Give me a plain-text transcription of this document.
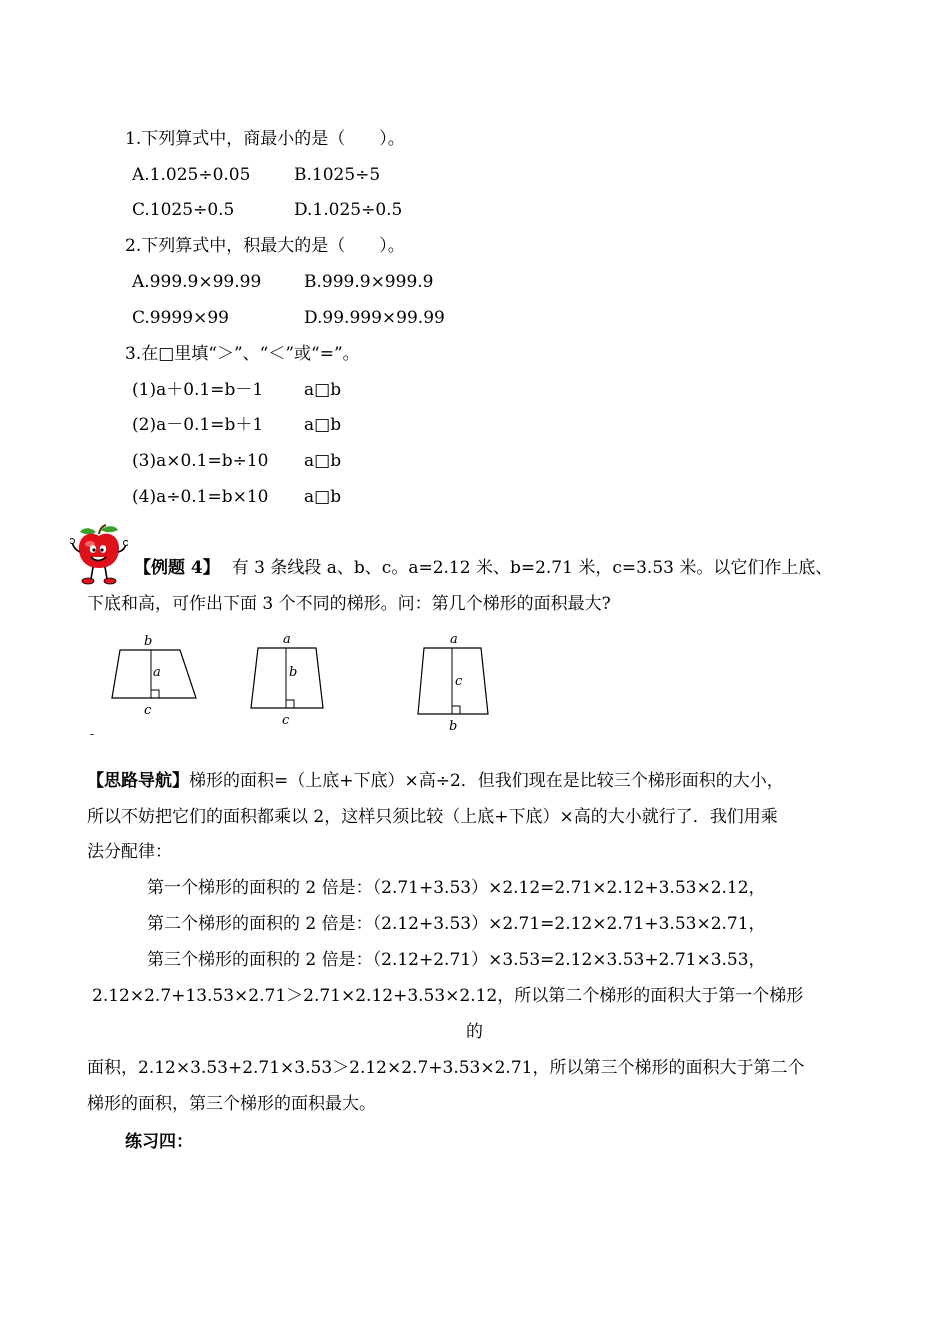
1.下列算式中，商最小的是（　　）。
A.1.025÷0.05	B.1025÷5
C.1025÷0.5	D.1.025÷0.5
2.下列算式中，积最大的是（　　）。
A.999.9×99.99	B.999.9×999.9
C.9999×99	D.99.999×99.99
3.在□里填“＞”、“＜”或“=”。
(1)a＋0.1=b－1 a□b
(2)a－0.1=b＋1 a□b
(3)a×0.1=b÷10 a□b
(4)a÷0.1=b×10 a□b
【例题 4】 有 3 条线段 a、b、c。a=2.12 米、b=2.71 米，c=3.53 米。以它们作上底、
下底和高，可作出下面 3 个不同的梯形。问：第几个梯形的面积最大?
b
a
c
a
b
c
a
c
b
-
【思路导航】梯形的面积=（上底+下底）×高÷2．但我们现在是比较三个梯形面积的大小，
所以不妨把它们的面积都乘以 2，这样只须比较（上底+下底）×高的大小就行了．我们用乘
法分配律：
第一个梯形的面积的 2 倍是：（2.71+3.53）×2.12=2.71×2.12+3.53×2.12，
第二个梯形的面积的 2 倍是：（2.12+3.53）×2.71=2.12×2.71+3.53×2.71，
第三个梯形的面积的 2 倍是：（2.12+2.71）×3.53=2.12×3.53+2.71×3.53，
2.12×2.7+13.53×2.71＞2.71×2.12+3.53×2.12，所以第二个梯形的面积大于第一个梯形
的
面积，2.12×3.53+2.71×3.53＞2.12×2.7+3.53×2.71，所以第三个梯形的面积大于第二个
梯形的面积，第三个梯形的面积最大。
练习四：
